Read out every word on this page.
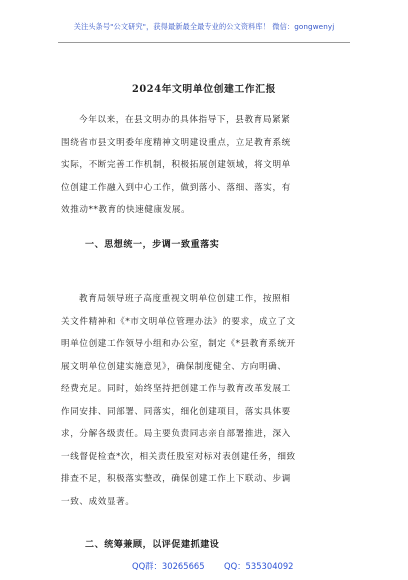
关注头条号"公文研究"，获得最新最全最专业的公文资料库！ 微信：gongwenyj
2024年文明单位创建工作汇报
今年以来，在县文明办的具体指导下，县教育局紧紧
围绕省市县文明委年度精神文明建设重点，立足教育系统
实际，不断完善工作机制，积极拓展创建领域，将文明单
位创建工作融入到中心工作，做到落小、落细、落实，有
效推动**教育的快速健康发展。
一、思想统一，步调一致重落实
教育局领导班子高度重视文明单位创建工作，按照相
关文件精神和《*市文明单位管理办法》的要求，成立了文
明单位创建工作领导小组和办公室，制定《*县教育系统开
展文明单位创建实施意见》，确保制度健全、方向明确、
经费充足。同时，始终坚持把创建工作与教育改革发展工
作同安排、同部署、同落实，细化创建项目，落实具体要
求，分解各级责任。局主要负责同志亲自部署推进，深入
一线督促检查*次，相关责任股室对标对表创建任务，细致
排查不足，积极落实整改，确保创建工作上下联动、步调
一致、成效显著。
二、统筹兼顾，以评促建抓建设
QQ群：30265665 QQ：535304092
